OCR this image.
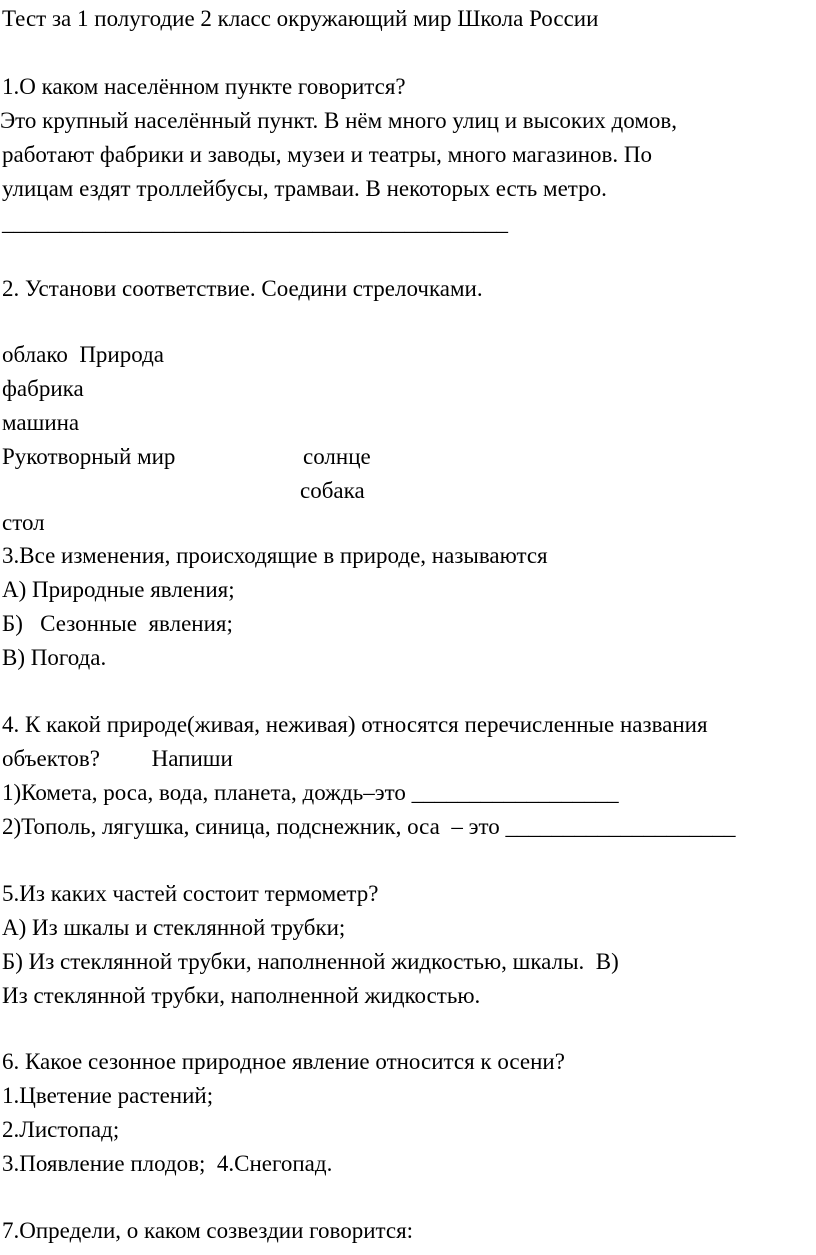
Тест за 1 полугодие 2 класс окружающий мир Школа России
1.О каком населённом пункте говорится?
Это крупный населённый пункт. В нём много улиц и высоких домов,
работают фабрики и заводы, музеи и театры, много магазинов. По
улицам ездят троллейбусы, трамваи. В некоторых есть метро.
____________________________________________
2. Установи соответствие. Соедини стрелочками.
облако  Природа
фабрика
машина
Рукотворный мир	солнце
собака
стол
3.Все изменения, происходящие в природе, называются
А) Природные явления;
Б)   Сезонные  явления;
В) Погода.
4. К какой природе(живая, неживая) относятся перечисленные названия
объектов?         Напиши
1)Комета, роса, вода, планета, дождь–это __________________
2)Тополь, лягушка, синица, подснежник, оса  – это ____________________
5.Из каких частей состоит термометр?
А) Из шкалы и стеклянной трубки;
Б) Из стеклянной трубки, наполненной жидкостью, шкалы.  В)
Из стеклянной трубки, наполненной жидкостью.
6. Какое сезонное природное явление относится к осени?
1.Цветение растений;
2.Листопад;
3.Появление плодов;  4.Снегопад.
7.Определи, о каком созвездии говорится:
